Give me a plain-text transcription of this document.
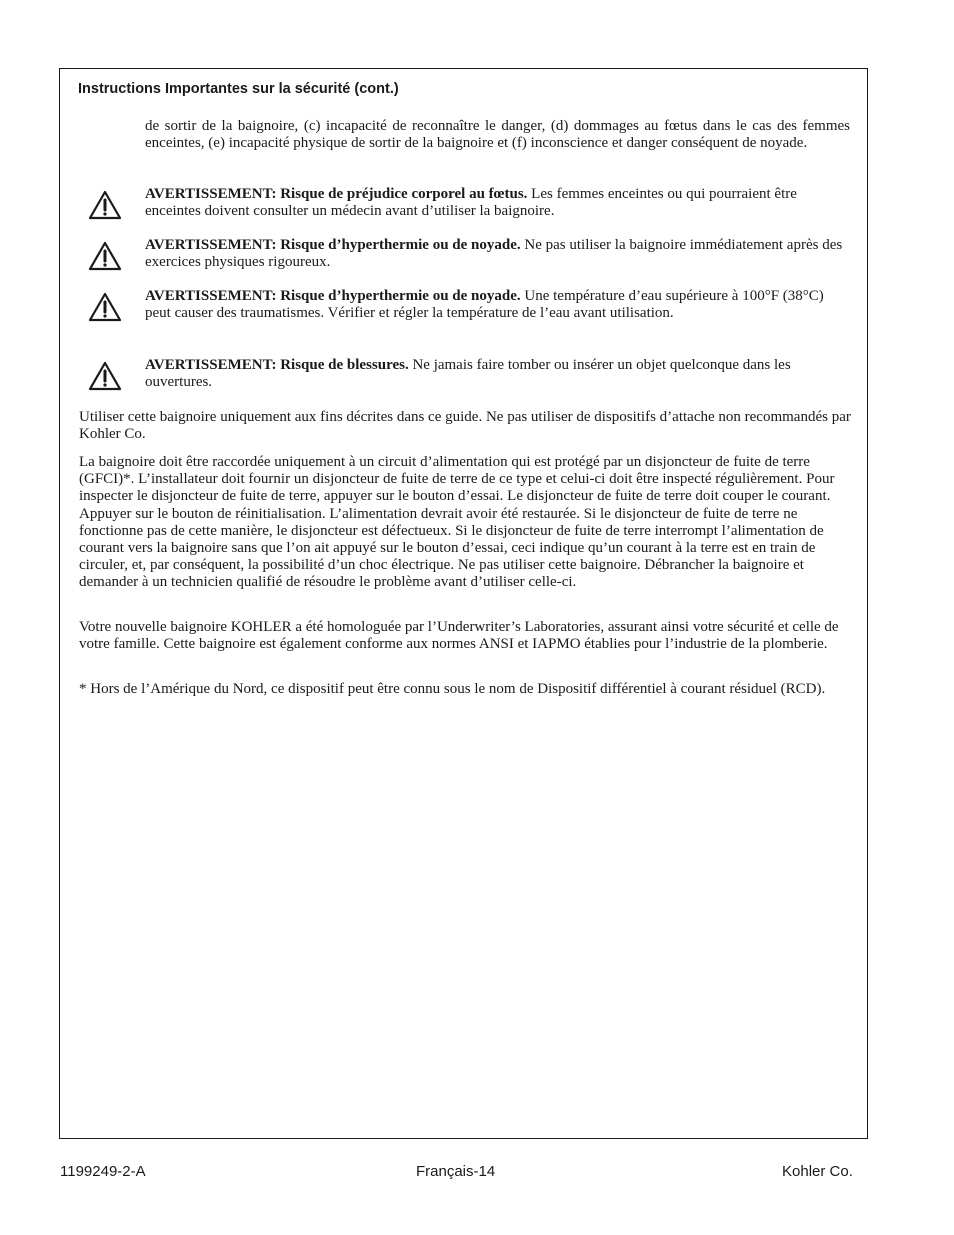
Instructions Importantes sur la sécurité (cont.)

de sortir de la baignoire, (c) incapacité de reconnaître le danger, (d) dommages au fœtus dans le cas des femmes enceintes, (e) incapacité physique de sortir de la baignoire et (f) inconscience et danger conséquent de noyade.

AVERTISSEMENT: Risque de préjudice corporel au fœtus. Les femmes enceintes ou qui pourraient être enceintes doivent consulter un médecin avant d’utiliser la baignoire.

AVERTISSEMENT: Risque d’hyperthermie ou de noyade. Ne pas utiliser la baignoire immédiatement après des exercices physiques rigoureux.

AVERTISSEMENT: Risque d’hyperthermie ou de noyade. Une température d’eau supérieure à 100°F (38°C) peut causer des traumatismes. Vérifier et régler la température de l’eau avant utilisation.

AVERTISSEMENT: Risque de blessures. Ne jamais faire tomber ou insérer un objet quelconque dans les ouvertures.

Utiliser cette baignoire uniquement aux fins décrites dans ce guide. Ne pas utiliser de dispositifs d’attache non recommandés par Kohler Co.

La baignoire doit être raccordée uniquement à un circuit d’alimentation qui est protégé par un disjoncteur de fuite de terre (GFCI)*. L’installateur doit fournir un disjoncteur de fuite de terre de ce type et celui-ci doit être inspecté régulièrement. Pour inspecter le disjoncteur de fuite de terre, appuyer sur le bouton d’essai. Le disjoncteur de fuite de terre doit couper le courant. Appuyer sur le bouton de réinitialisation. L’alimentation devrait avoir été restaurée. Si le disjoncteur de fuite de terre ne fonctionne pas de cette manière, le disjoncteur est défectueux. Si le disjoncteur de fuite de terre interrompt l’alimentation de courant vers la baignoire sans que l’on ait appuyé sur le bouton d’essai, ceci indique qu’un courant à la terre est en train de circuler, et, par conséquent, la possibilité d’un choc électrique. Ne pas utiliser cette baignoire. Débrancher la baignoire et demander à un technicien qualifié de résoudre le problème avant d’utiliser celle-ci.

Votre nouvelle baignoire KOHLER a été homologuée par l’Underwriter’s Laboratories, assurant ainsi votre sécurité et celle de votre famille. Cette baignoire est également conforme aux normes ANSI et IAPMO établies pour l’industrie de la plomberie.

* Hors de l’Amérique du Nord, ce dispositif peut être connu sous le nom de Dispositif différentiel à courant résiduel (RCD).

1199249-2-A	Français-14	Kohler Co.
